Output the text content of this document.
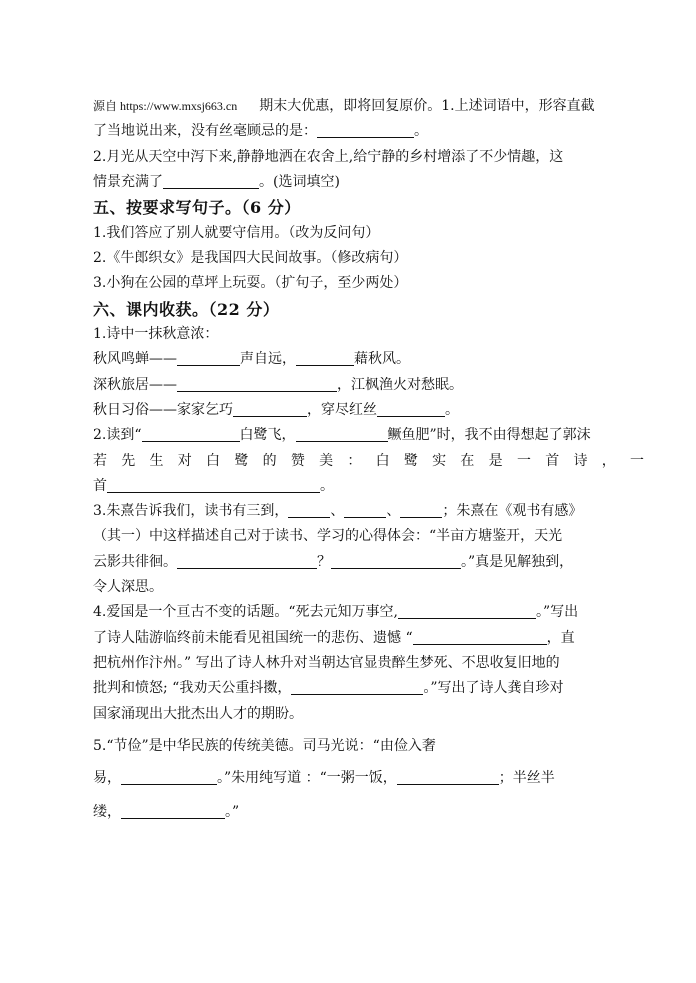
源自 https://www.mxsj663.cn 期末大优惠，即将回复原价。1.上述词语中，形容直截
了当地说出来，没有丝毫顾忌的是：	。
2.月光从天空中泻下来,静静地洒在农舍上,给宁静的乡村增添了不少情趣，这
情景充满了	。(选词填空)
五、按要求写句子。（6 分）
1.我们答应了别人就要守信用。（改为反问句）
2.《牛郎织女》是我国四大民间故事。（修改病句）
3.小狗在公园的草坪上玩耍。（扩句子，至少两处）
六、课内收获。（22 分）
1.诗中一抹秋意浓：
秋风鸣蝉——	声自远，	藉秋风。
深秋旅居——	，江枫渔火对愁眠。
秋日习俗——家家乞巧	，穿尽红丝	。
2.读到“	白鹭飞，	鳜鱼肥”时，我不由得想起了郭沫
若先生对白鹭的赞美：白鹭实在是一首诗，一
首	。
3.朱熹告诉我们，读书有三到，	、	、	；朱熹在《观书有感》
（其一）中这样描述自己对于读书、学习的心得体会：“半亩方塘鉴开，天光
云影共徘徊。	？	。”真是见解独到，
令人深思。
4.爱国是一个亘古不变的话题。“死去元知万事空,	。”写出
了诗人陆游临终前未能看见祖国统一的悲伤、遗憾 “	，直
把杭州作汴州。” 写出了诗人林升对当朝达官显贵醉生梦死、不思收复旧地的
批判和愤怒; “我劝天公重抖擞，	。”写出了诗人龚自珍对
国家涌现出大批杰出人才的期盼。
5.“节俭”是中华民族的传统美德。司马光说：“由俭入奢
易，	。”朱用纯写道 ：“一粥一饭，	；半丝半
缕，	。”
